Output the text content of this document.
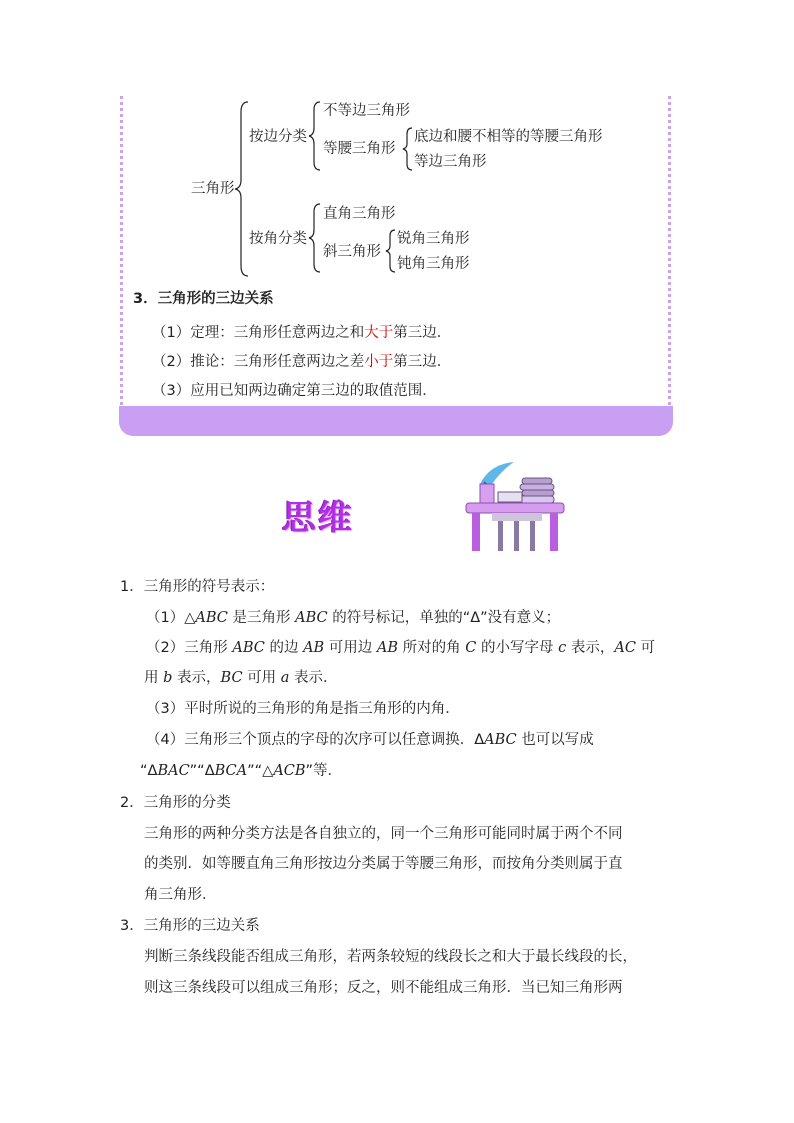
三角形
按边分类
不等边三角形
等腰三角形
底边和腰不相等的等腰三角形
等边三角形
按角分类
直角三角形
斜三角形
锐角三角形
钝角三角形
3．三角形的三边关系
（1）定理：三角形任意两边之和大于第三边．
（2）推论：三角形任意两边之差小于第三边．
（3）应用已知两边确定第三边的取值范围．
思维
1．三角形的符号表示：
（1）△ABC 是三角形 ABC 的符号标记，单独的“Δ”没有意义；
（2）三角形 ABC 的边 AB 可用边 AB 所对的角 C 的小写字母 c 表示，AC 可
用 b 表示，BC 可用 a 表示．
（3）平时所说的三角形的角是指三角形的内角．
（4）三角形三个顶点的字母的次序可以任意调换．ΔABC 也可以写成
“ΔBAC”“ΔBCA”“△ACB”等．
2．三角形的分类
三角形的两种分类方法是各自独立的，同一个三角形可能同时属于两个不同
的类别．如等腰直角三角形按边分类属于等腰三角形，而按角分类则属于直
角三角形．
3．三角形的三边关系
判断三条线段能否组成三角形，若两条较短的线段长之和大于最长线段的长，
则这三条线段可以组成三角形；反之，则不能组成三角形．当已知三角形两
